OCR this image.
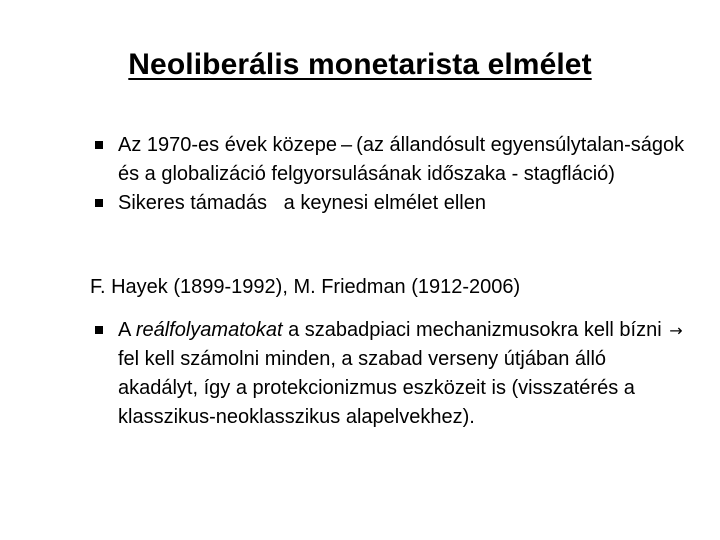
Neoliberális monetarista elmélet

Az 1970-es évek közepe – (az állandósult egyensúlytalan-ságok és a globalizáció felgyorsulásának időszaka - stagfláció)

Sikeres támadás a keynesi elmélet ellen

F. Hayek (1899-1992), M. Friedman (1912-2006)

A reálfolyamatokat a szabadpiaci mechanizmusokra kell bízni → fel kell számolni minden, a szabad verseny útjában álló akadályt, így a protekcionizmus eszközeit is (visszatérés a klasszikus-neoklasszikus alapelvekhez).
